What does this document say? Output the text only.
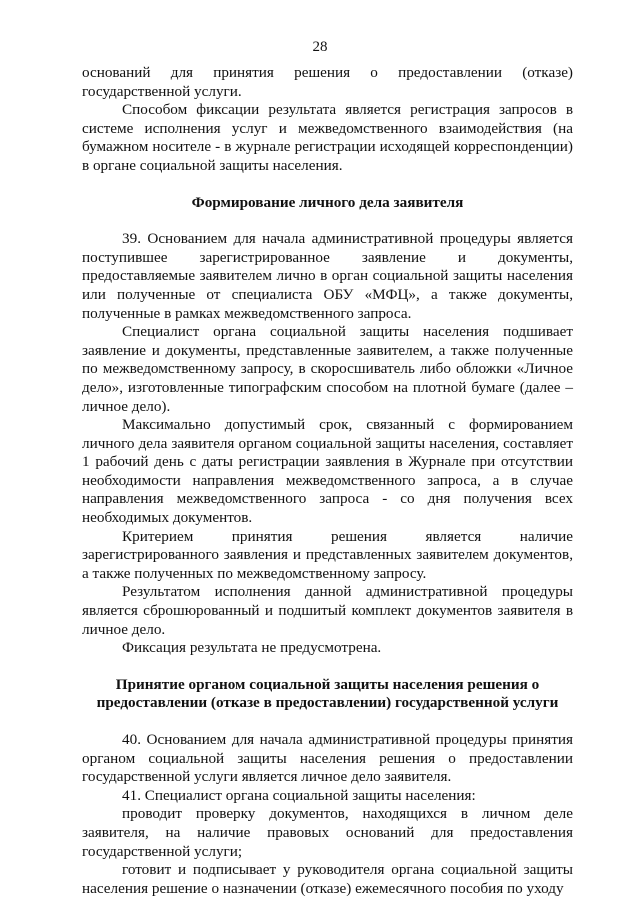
28

оснований для принятия решения о предоставлении (отказе) государственной услуги.

Способом фиксации результата является регистрация запросов в системе исполнения услуг и межведомственного взаимодействия (на бумажном носителе - в журнале регистрации исходящей корреспонденции) в органе социальной защиты населения.

Формирование личного дела заявителя

39. Основанием для начала административной процедуры является поступившее зарегистрированное заявление и документы, предоставляемые заявителем лично в орган социальной защиты населения или полученные от специалиста ОБУ «МФЦ», а также документы, полученные в рамках межведомственного запроса.

Специалист органа социальной защиты населения подшивает заявление и документы, представленные заявителем, а также полученные по межведомственному запросу, в скоросшиватель либо обложки «Личное дело», изготовленные типографским способом на плотной бумаге (далее – личное дело).

Максимально допустимый срок, связанный с формированием личного дела заявителя органом социальной защиты населения, составляет 1 рабочий день с даты регистрации заявления в Журнале при отсутствии необходимости направления межведомственного запроса, а в случае направления межведомственного запроса - со дня получения всех необходимых документов.

Критерием принятия решения является наличие зарегистрированного заявления и представленных заявителем документов, а также полученных по межведомственному запросу.

Результатом исполнения данной административной процедуры является сброшюрованный и подшитый комплект документов заявителя в личное дело.

Фиксация результата не предусмотрена.

Принятие органом социальной защиты населения решения о предоставлении (отказе в предоставлении) государственной услуги

40. Основанием для начала административной процедуры принятия органом социальной защиты населения решения о предоставлении государственной услуги является личное дело заявителя.

41. Специалист органа социальной защиты населения:

проводит проверку документов, находящихся в личном деле заявителя, на наличие правовых оснований для предоставления государственной услуги;

готовит и подписывает у руководителя органа социальной защиты населения решение о назначении (отказе) ежемесячного пособия по уходу
